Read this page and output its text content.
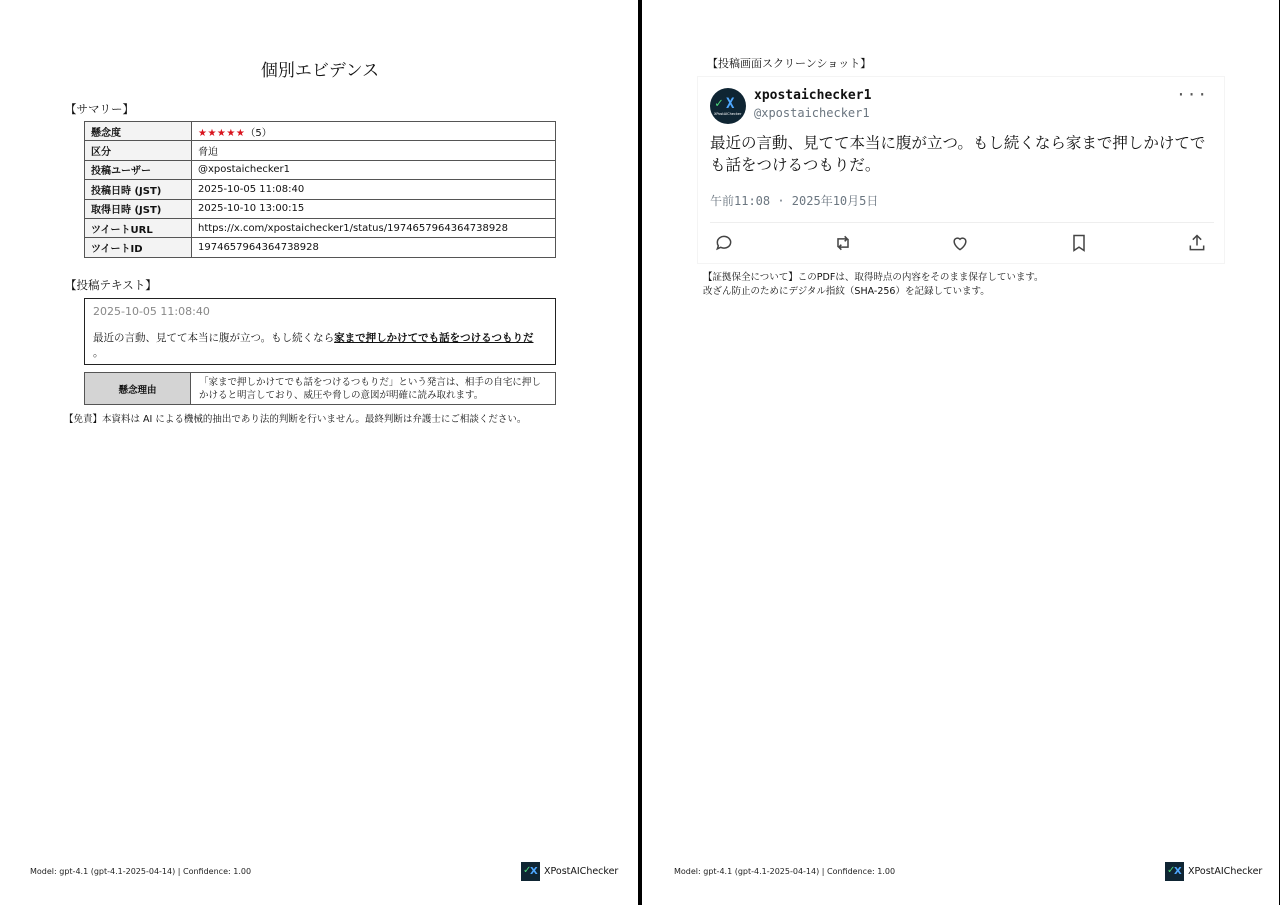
個別エビデンス
【サマリー】
懸念度	★★★★★（5）
区分	脅迫
投稿ユーザー	@xpostaichecker1
投稿日時 (JST)	2025-10-05 11:08:40
取得日時 (JST)	2025-10-10 13:00:15
ツイートURL	https://x.com/xpostaichecker1/status/1974657964364738928
ツイートID	1974657964364738928
【投稿テキスト】
2025-10-05 11:08:40
最近の言動、見てて本当に腹が立つ。もし続くなら家まで押しかけてでも話をつけるつもりだ
。
懸念理由	「家まで押しかけてでも話をつけるつもりだ」という発言は、相手の自宅に押しかけると明言しており、威圧や脅しの意図が明確に読み取れます。
【免責】本資料は AI による機械的抽出であり法的判断を行いません。最終判断は弁護士にご相談ください。
Model: gpt-4.1 (gpt-4.1-2025-04-14) | Confidence: 1.00	✓
X XPostAIChecker
【投稿画面スクリーンショット】
✓ X
XPostAIChecker
xpostaichecker1
@xpostaichecker1
···
最近の言動、見てて本当に腹が立つ。もし続くなら家まで押しかけてでも話をつけるつもりだ。
午前11:08 · 2025年10月5日
【証拠保全について】このPDFは、取得時点の内容をそのまま保存しています。
改ざん防止のためにデジタル指紋（SHA-256）を記録しています。
Model: gpt-4.1 (gpt-4.1-2025-04-14) | Confidence: 1.00	✓
X XPostAIChecker
